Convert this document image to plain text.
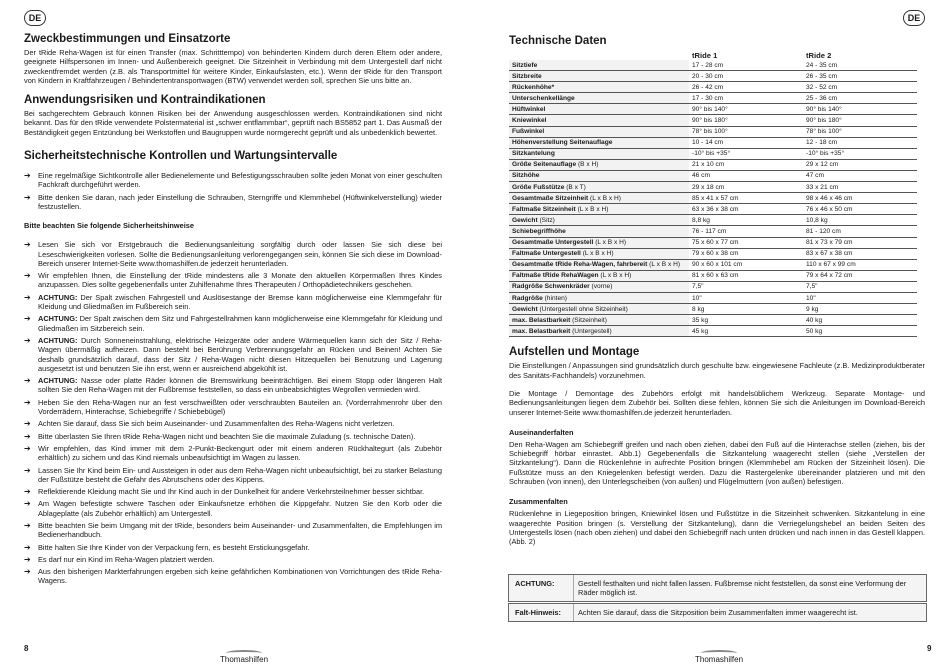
DE
Zweckbestimmungen und Einsatzorte

Der tRide Reha-Wagen ist für einen Transfer (max. Schritttempo) von behinderten Kindern durch deren Eltern oder andere, geeignete Hilfspersonen im Innen- und Außenbereich geeignet. Die Sitzeinheit in Verbindung mit dem Untergestell darf nicht zweckentfremdet werden (z.B. als Transportmittel für weitere Kinder, Einkaufslasten, etc.). Wenn der tRide für den Transport von Kindern in Kraftfahrzeugen / Behindertentransportwagen (BTW) verwendet werden soll, sprechen Sie uns bitte an.

Anwendungsrisiken und Kontraindikationen

Bei sachgerechtem Gebrauch können Risiken bei der Anwendung ausgeschlossen werden. Kontraindikationen sind nicht bekannt. Das für den tRide verwendete Polstermaterial ist „schwer entflammbar“, geprüft nach BS5852 part 1. Das Ausmaß der Beständigkeit gegen Entzündung bei Werkstoffen und Baugruppen wurde normgerecht geprüft und als unbedenklich bewertet.

Sicherheitstechnische Kontrollen und Wartungsintervalle
➔ Eine regelmäßige Sichtkontrolle aller Bedienelemente und Befestigungsschrauben sollte jeden Monat von einer geschulten Fachkraft durchgeführt werden.
➔ Bitte denken Sie daran, nach jeder Einstellung die Schrauben, Sterngriffe und Klemmhebel (Hüftwinkelverstellung) wieder festzustellen.
Bitte beachten Sie folgende Sicherheitshinweise
➔ Lesen Sie sich vor Erstgebrauch die Bedienungsanleitung sorgfältig durch oder lassen Sie sich diese bei Leseschwierigkeiten vorlesen. Sollte die Bedienungsanleitung verlorengegangen sein, können Sie sich diese im Download-Bereich unserer Internet-Seite www.thomashilfen.de jederzeit herunterladen.
➔ Wir empfehlen Ihnen, die Einstellung der tRide mindestens alle 3 Monate den aktuellen Körpermaßen Ihres Kindes anzupassen. Dies sollte gegebenenfalls unter Zuhilfenahme Ihres Therapeuten / Orthopädietechnikers geschehen.
➔ ACHTUNG: Der Spalt zwischen Fahrgestell und Auslösestange der Bremse kann möglicherweise eine Klemmgefahr für Kleidung und Gliedmaßen im Fußbereich sein.
➔ ACHTUNG: Der Spalt zwischen dem Sitz und Fahrgestellrahmen kann möglicherweise eine Klemmgefahr für Kleidung und Gliedmaßen im Sitzbereich sein.
➔ ACHTUNG: Durch Sonneneinstrahlung, elektrische Heizgeräte oder andere Wärmequellen kann sich der Sitz / Reha-Wagen übermäßig aufheizen. Dann besteht bei Berührung Verbrennungsgefahr an Rücken und Beinen! Achten Sie deshalb grundsätzlich darauf, dass der Sitz / Reha-Wagen nicht diesen Hitzequellen bei Benutzung und Lagerung ausgesetzt ist und benutzen Sie ihn erst, wenn er ausreichend abgekühlt ist.
➔ ACHTUNG: Nasse oder platte Räder können die Bremswirkung beeinträchtigen. Bei einem Stopp oder längeren Halt sollten Sie den Reha-Wagen mit der Fußbremse feststellen, so dass ein unbeabsichtigtes Wegrollen vermieden wird.
➔ Heben Sie den Reha-Wagen nur an fest verschweißten oder verschraubten Bauteilen an. (Vorderrahmenrohr über den Vorderrädern, Hinterachse, Schiebegriffe / Schiebebügel)
➔ Achten Sie darauf, dass Sie sich beim Auseinander- und Zusammenfalten des Reha-Wagens nicht verletzen.
➔ Bitte überlasten Sie Ihren tRide Reha-Wagen nicht und beachten Sie die maximale Zuladung (s. technische Daten).
➔ Wir empfehlen, das Kind immer mit dem 2-Punkt-Beckengurt oder mit einem anderen Rückhaltegurt (als Zubehör erhältlich) zu sichern und das Kind niemals unbeaufsichtigt im Wagen zu lassen.
➔ Lassen Sie Ihr Kind beim Ein- und Aussteigen in oder aus dem Reha-Wagen nicht unbeaufsichtigt, bei zu starker Belastung der Fußstütze besteht die Gefahr des Abrutschens oder des Kippens.
➔ Reflektierende Kleidung macht Sie und Ihr Kind auch in der Dunkelheit für andere Verkehrsteilnehmer besser sichtbar.
➔ Am Wagen befestigte schwere Taschen oder Einkaufsnetze erhöhen die Kippgefahr. Nutzen Sie den Korb oder die Ablageplatte (als Zubehör erhältlich) am Untergestell.
➔ Bitte beachten Sie beim Umgang mit der tRide, besonders beim Auseinander- und Zusammenfalten, die Empfehlungen im Bedienerhandbuch.
➔ Bitte halten Sie Ihre Kinder von der Verpackung fern, es besteht Erstickungsgefahr.
➔ Es darf nur ein Kind im Reha-Wagen platziert werden.
➔ Aus den bisherigen Markterfahrungen ergeben sich keine gefährlichen Kombinationen von Vorrichtungen des tRide Reha-Wagens.
8
Thomashilfen
DE
Technische Daten
	tRide 1	tRide 2
Sitztiefe	17 - 28 cm	24 - 35 cm
Sitzbreite	20 - 30 cm	26 - 35 cm
Rückenhöhe*	26 - 42 cm	32 - 52 cm
Unterschenkellänge	17 - 30 cm	25 - 36 cm
Hüftwinkel	90° bis 140°	90° bis 140°
Kniewinkel	90° bis 180°	90° bis 180°
Fußwinkel	78° bis 100°	78° bis 100°
Höhenverstellung Seitenauflage	10 - 14 cm	12 - 18 cm
Sitzkantelung	-10° bis +35°	-10° bis +35°
Größe Seitenauflage (B x H)	21 x 10 cm	29 x 12 cm
Sitzhöhe	46 cm	47 cm
Größe Fußstütze (B x T)	29 x 18 cm	33 x 21 cm
Gesamtmaße Sitzeinheit (L x B x H)	85 x 41 x 57 cm	98 x 46 x 46 cm
Faltmaße Sitzeinheit (L x B x H)	63 x 36 x 38 cm	76 x 46 x 50 cm
Gewicht (Sitz)	8,8 kg	10,8 kg
Schiebegriffhöhe	76 - 117 cm	81 - 120 cm
Gesamtmaße Untergestell (L x B x H)	75 x 60 x 77 cm	81 x 73 x 79 cm
Faltmaße Untergestell (L x B x H)	79 x 60 x 38 cm	83 x 67 x 38 cm
Gesamtmaße tRide Reha-Wagen, fahrbereit (L x B x H)	90 x 60 x 101 cm	110 x 67 x 99 cm
Faltmaße tRide RehaWagen (L x B x H)	81 x 60 x 63 cm	79 x 64 x 72 cm
Radgröße Schwenkräder (vorne)	7,5"	7,5"
Radgröße (hinten)	10"	10"
Gewicht (Untergestell ohne Sitzeinheit)	8 kg	9 kg
max. Belastbarkeit (Sitzeinheit)	35 kg	40 kg
max. Belastbarkeit (Untergestell)	45 kg	50 kg
Aufstellen und Montage

Die Einstellungen / Anpassungen sind grundsätzlich durch geschulte bzw. eingewiesene Fachleute (z.B. Medizinproduktberater des Sanitäts-Fachhandels) vorzunehmen.

Die Montage / Demontage des Zubehörs erfolgt mit handelsüblichem Werkzeug. Separate Montage- und Bedienungsanleitungen liegen dem Zubehör bei. Sollten diese fehlen, können Sie sich die Anleitungen im Download-Bereich unserer Internet-Seite www.thomashilfen.de jederzeit herunterladen.

Auseinanderfalten

Den Reha-Wagen am Schiebegriff greifen und nach oben ziehen, dabei den Fuß auf die Hinterachse stellen (ziehen, bis der Schiebegriff hörbar einrastet. Abb.1) Gegebenenfalls die Sitzkantelung waagerecht stellen (siehe „Verstellen der Sitzkantelung“). Dann die Rückenlehne in aufrechte Position bringen (Klemmhebel am Rücken der Sitzeinheit lösen). Die Fußstütze muss an den Kniegelenken befestigt werden. Dazu die Rastergelenke übereinander platzieren und mit den Schrauben (von innen), den Unterlegscheiben (von außen) und Flügelmuttern (von außen) befestigen.

Zusammenfalten

Rückenlehne in Liegeposition bringen, Kniewinkel lösen und Fußstütze in die Sitzeinheit schwenken. Sitzkantelung in eine waagerechte Position bringen (s. Verstellung der Sitzkantelung), dann die Verriegelungshebel an beiden Seiten des Untergestells lösen (nach oben ziehen) und dabei den Schiebegriff nach unten drücken und nach innen in das Gestell klappen. (Abb. 2)

ACHTUNG:	Gestell festhalten und nicht fallen lassen. Fußbremse nicht feststellen, da sonst eine Verformung der Räder möglich ist.
Falt-Hinweis:	Achten Sie darauf, dass die Sitzposition beim Zusammenfalten immer waagerecht ist.
9
Thomashilfen
